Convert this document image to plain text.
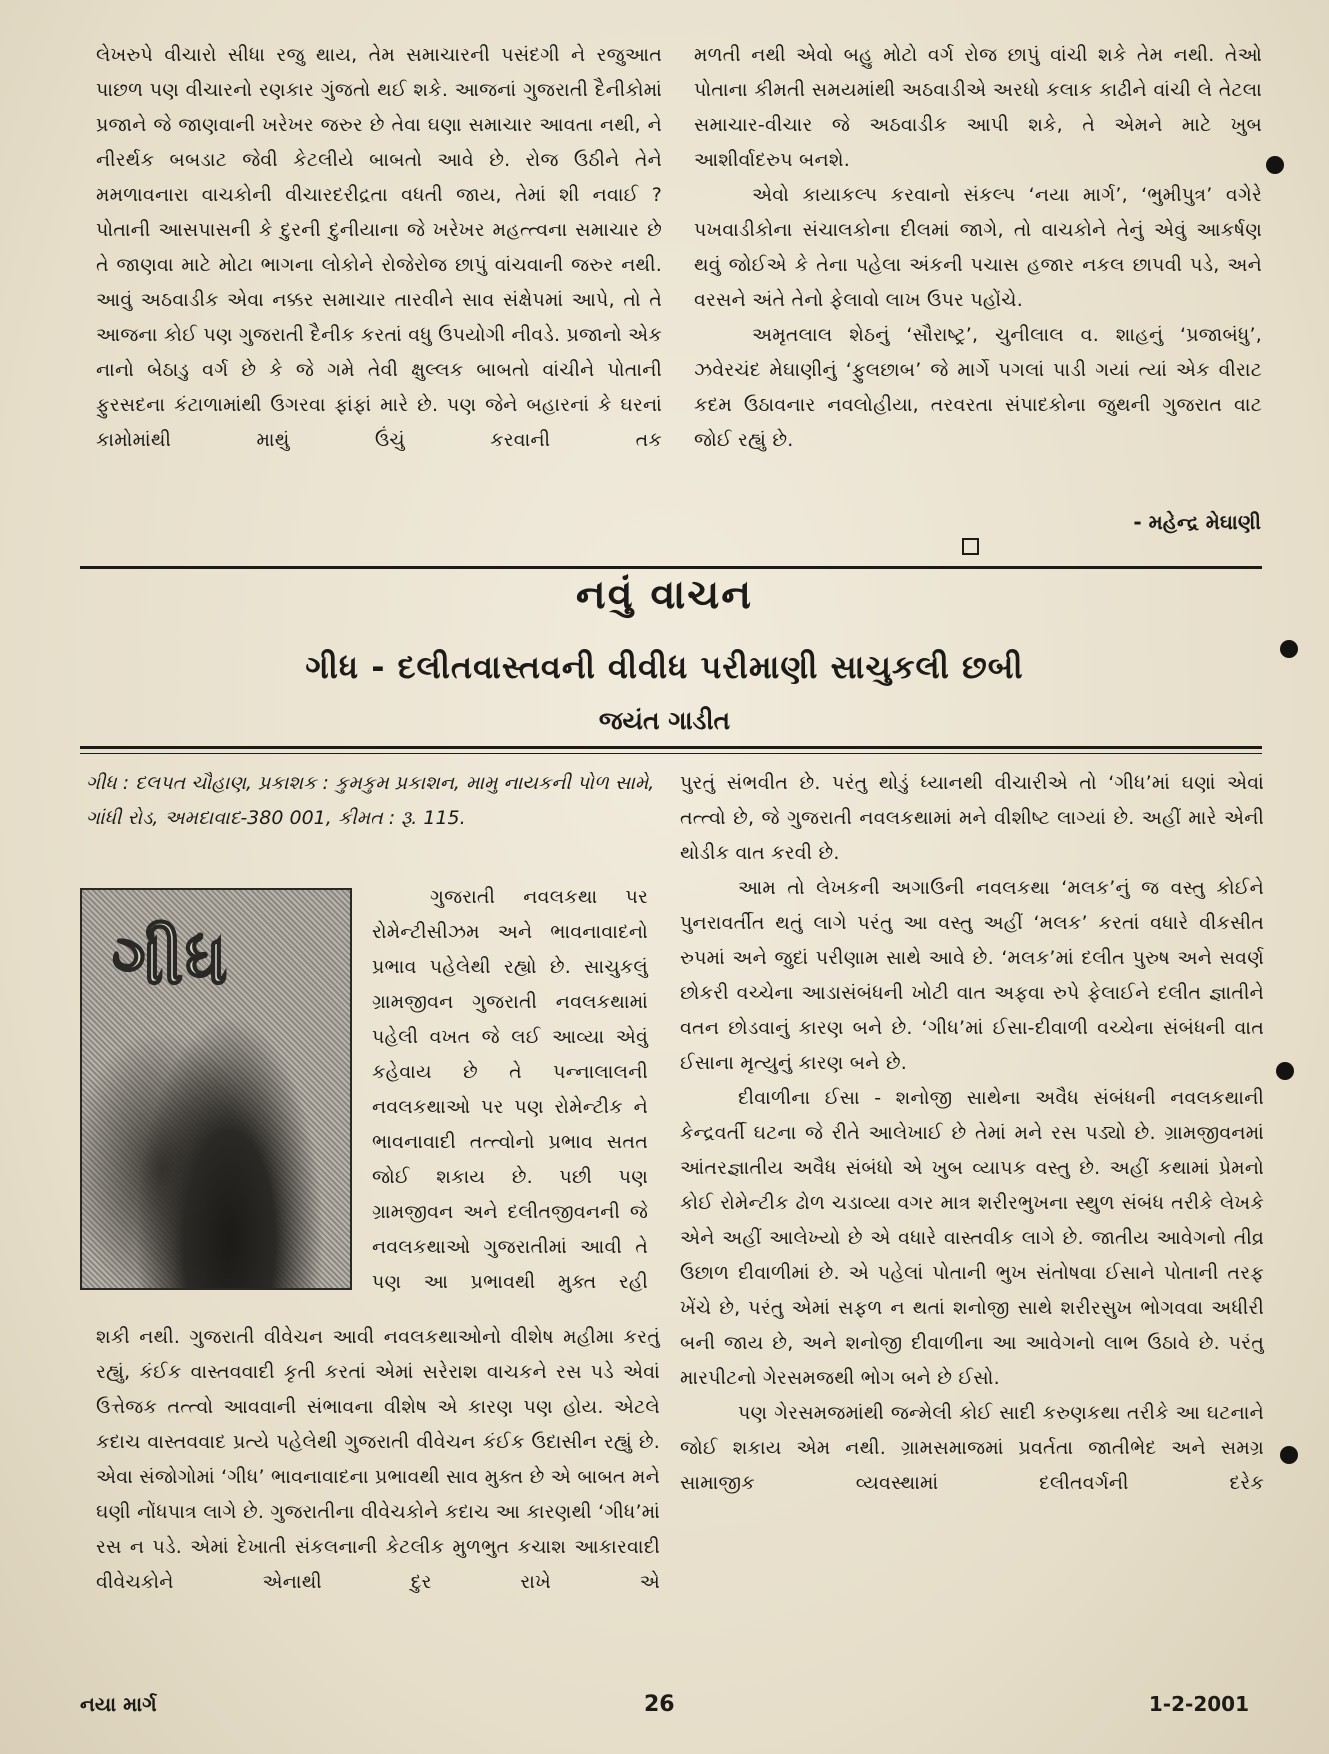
લેખરુપે વીચારો સીધા રજુ થાય, તેમ સમાચારની પસંદગી ને રજુઆત પાછળ પણ વીચારનો રણકાર ગુંજતો થઈ શકે. આજનાં ગુજરાતી દૈનીકોમાં પ્રજાને જે જાણવાની ખરેખર જરુર છે તેવા ઘણા સમાચાર આવતા નથી, ને નીરર્થક બબડાટ જેવી કેટલીયે બાબતો આવે છે. રોજ ઉઠીને તેને મમળાવનારા વાચકોની વીચારદરીદ્રતા વધતી જાય, તેમાં શી નવાઈ ? પોતાની આસપાસની કે દુરની દુનીયાના જે ખરેખર મહત્ત્વના સમાચાર છે તે જાણવા માટે મોટા ભાગના લોકોને રોજેરોજ છાપું વાંચવાની જરુર નથી. આવું અઠવાડીક એવા નક્કર સમાચાર તારવીને સાવ સંક્ષેપમાં આપે, તો તે આજના કોઈ પણ ગુજરાતી દૈનીક કરતાં વધુ ઉપયોગી નીવડે. પ્રજાનો એક નાનો બેઠાડુ વર્ગ છે કે જે ગમે તેવી ક્ષુલ્લક બાબતો વાંચીને પોતાની ફુરસદના કંટાળામાંથી ઉગરવા ફાંફાં મારે છે. પણ જેને બહારનાં કે ઘરનાં કામોમાંથી માથું ઉંચું કરવાની તક

મળતી નથી એવો બહુ મોટો વર્ગ રોજ છાપું વાંચી શકે તેમ નથી. તેઓ પોતાના કીમતી સમયમાંથી અઠવાડીએ અરધો કલાક કાઢીને વાંચી લે તેટલા સમાચાર-વીચાર જે અઠવાડીક આપી શકે, તે એમને માટે ખુબ આશીર્વાદરુપ બનશે.

એવો કાયાકલ્પ કરવાનો સંકલ્પ ‘નયા માર્ગ’, ‘ભુમીપુત્ર’ વગેરે પખવાડીકોના સંચાલકોના દીલમાં જાગે, તો વાચકોને તેનું એવું આકર્ષણ થવું જોઈએ કે તેના પહેલા અંકની પચાસ હજાર નકલ છાપવી પડે, અને વરસને અંતે તેનો ફેલાવો લાખ ઉપર પહોંચે.

અમૃતલાલ શેઠનું ‘સૌરાષ્ટ્ર’, ચુનીલાલ વ. શાહનું ‘પ્રજાબંધુ’, ઝવેરચંદ મેઘાણીનું ‘ફુલછાબ’ જે માર્ગે પગલાં પાડી ગયાં ત્યાં એક વીરાટ કદમ ઉઠાવનાર નવલોહીયા, તરવરતા સંપાદકોના જુથની ગુજરાત વાટ જોઈ રહ્યું છે.

- મહેન્દ્ર મેઘાણી
નવું વાચન
ગીધ - દલીતવાસ્તવની વીવીધ પરીમાણી સાચુકલી છબી
જયંત ગાડીત
ગીધ : દલપત ચૌહાણ, પ્રકાશક : કુમકુમ પ્રકાશન, મામુ નાયકની પોળ સામે, ગાંધી રોડ, અમદાવાદ-380 001, કીમત : રૂ. 115.
ગીધ

ગુજરાતી નવલકથા પર રોમેન્ટીસીઝમ અને ભાવનાવાદનો પ્રભાવ પહેલેથી રહ્યો છે. સાચુકલું ગ્રામજીવન ગુજરાતી નવલકથામાં પહેલી વખત જે લઈ આવ્યા એવું કહેવાય છે તે પન્નાલાલની નવલકથાઓ પર પણ રોમેન્ટીક ને ભાવનાવાદી તત્ત્વોનો પ્રભાવ સતત જોઈ શકાય છે. પછી પણ ગ્રામજીવન અને દલીતજીવનની જે નવલકથાઓ ગુજરાતીમાં આવી તે પણ આ પ્રભાવથી મુક્ત રહી

શકી નથી. ગુજરાતી વીવેચન આવી નવલકથાઓનો વીશેષ મહીમા કરતું રહ્યું, કંઈક વાસ્તવવાદી કૃતી કરતાં એમાં સરેરાશ વાચકને રસ પડે એવાં ઉત્તેજક તત્ત્વો આવવાની સંભાવના વીશેષ એ કારણ પણ હોય. એટલે કદાચ વાસ્તવવાદ પ્રત્યે પહેલેથી ગુજરાતી વીવેચન કંઈક ઉદાસીન રહ્યું છે. એવા સંજોગોમાં ‘ગીધ’ ભાવનાવાદના પ્રભાવથી સાવ મુક્ત છે એ બાબત મને ઘણી નોંધપાત્ર લાગે છે. ગુજરાતીના વીવેચકોને કદાચ આ કારણથી ‘ગીધ’માં રસ ન પડે. એમાં દેખાતી સંકલનાની કેટલીક મુળભુત કચાશ આકારવાદી વીવેચકોને એનાથી દુર રાખે એ

પુરતું સંભવીત છે. પરંતુ થોડું ધ્યાનથી વીચારીએ તો ‘ગીધ’માં ઘણાં એવાં તત્ત્વો છે, જે ગુજરાતી નવલકથામાં મને વીશીષ્ટ લાગ્યાં છે. અહીં મારે એની થોડીક વાત કરવી છે.

આમ તો લેખકની અગાઉની નવલકથા ‘મલક’નું જ વસ્તુ કોઈને પુનરાવર્તીત થતું લાગે પરંતુ આ વસ્તુ અહીં ‘મલક’ કરતાં વધારે વીકસીત રુપમાં અને જુદાં પરીણામ સાથે આવે છે. ‘મલક’માં દલીત પુરુષ અને સવર્ણ છોકરી વચ્ચેના આડાસંબંધની ખોટી વાત અફવા રુપે ફેલાઈને દલીત જ્ઞાતીને વતન છોડવાનું કારણ બને છે. ‘ગીધ’માં ઈસા-દીવાળી વચ્ચેના સંબંધની વાત ઈસાના મૃત્યુનું કારણ બને છે.

દીવાળીના ઈસા - શનોજી સાથેના અવૈધ સંબંધની નવલકથાની કેન્દ્રવર્તી ઘટના જે રીતે આલેખાઈ છે તેમાં મને રસ પડ્યો છે. ગ્રામજીવનમાં આંતરજ્ઞાતીય અવૈધ સંબંધો એ ખુબ વ્યાપક વસ્તુ છે. અહીં કથામાં પ્રેમનો કોઈ રોમેન્ટીક ઢોળ ચડાવ્યા વગર માત્ર શરીરભુખના સ્થુળ સંબંધ તરીકે લેખકે એને અહીં આલેખ્યો છે એ વધારે વાસ્તવીક લાગે છે. જાતીય આવેગનો તીવ્ર ઉછાળ દીવાળીમાં છે. એ પહેલાં પોતાની ભુખ સંતોષવા ઈસાને પોતાની તરફ ખેંચે છે, પરંતુ એમાં સફળ ન થતાં શનોજી સાથે શરીરસુખ ભોગવવા અધીરી બની જાય છે, અને શનોજી દીવાળીના આ આવેગનો લાભ ઉઠાવે છે. પરંતુ મારપીટનો ગેરસમજથી ભોગ બને છે ઈસો.

પણ ગેરસમજમાંથી જન્મેલી કોઈ સાદી કરુણકથા તરીકે આ ઘટનાને જોઈ શકાય એમ નથી. ગ્રામસમાજમાં પ્રવર્તતા જાતીભેદ અને સમગ્ર સામાજીક વ્યવસ્થામાં દલીતવર્ગની દરેક

નયા માર્ગ	26	1-2-2001
